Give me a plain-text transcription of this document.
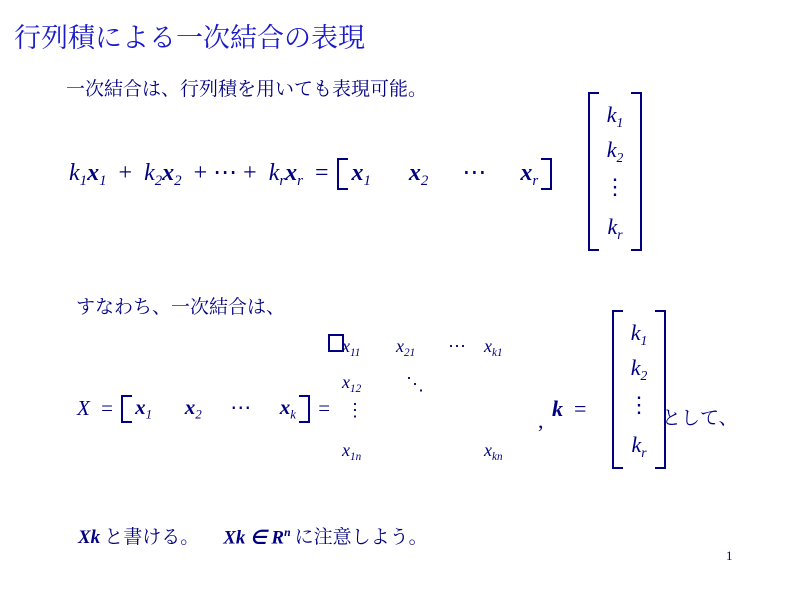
行列積による一次結合の表現
一次結合は、行列積を用いても表現可能。
$k_1x_1 + k_2x_2$  + ⋯ +  $k_rx_r = x_1$ $x_2$ ⋯ $x_r$
$k_1$
$k_2$
⋮
$k_r$
すなわち、一次結合は、
$X = x_1$ $x_2$ ⋯ $x_k$ =
$x_{11}$ $x_{21}$ ⋯ $x_{k1}$
$x_{12}$ ⋱
⋮
$x_{1n}$	$x_{kn}$
, k  =
$k_1$
$k_2$
⋮
$k_r$
として、
Xk と書ける。 Xk ∈ $R^n$ に注意しよう。
1
